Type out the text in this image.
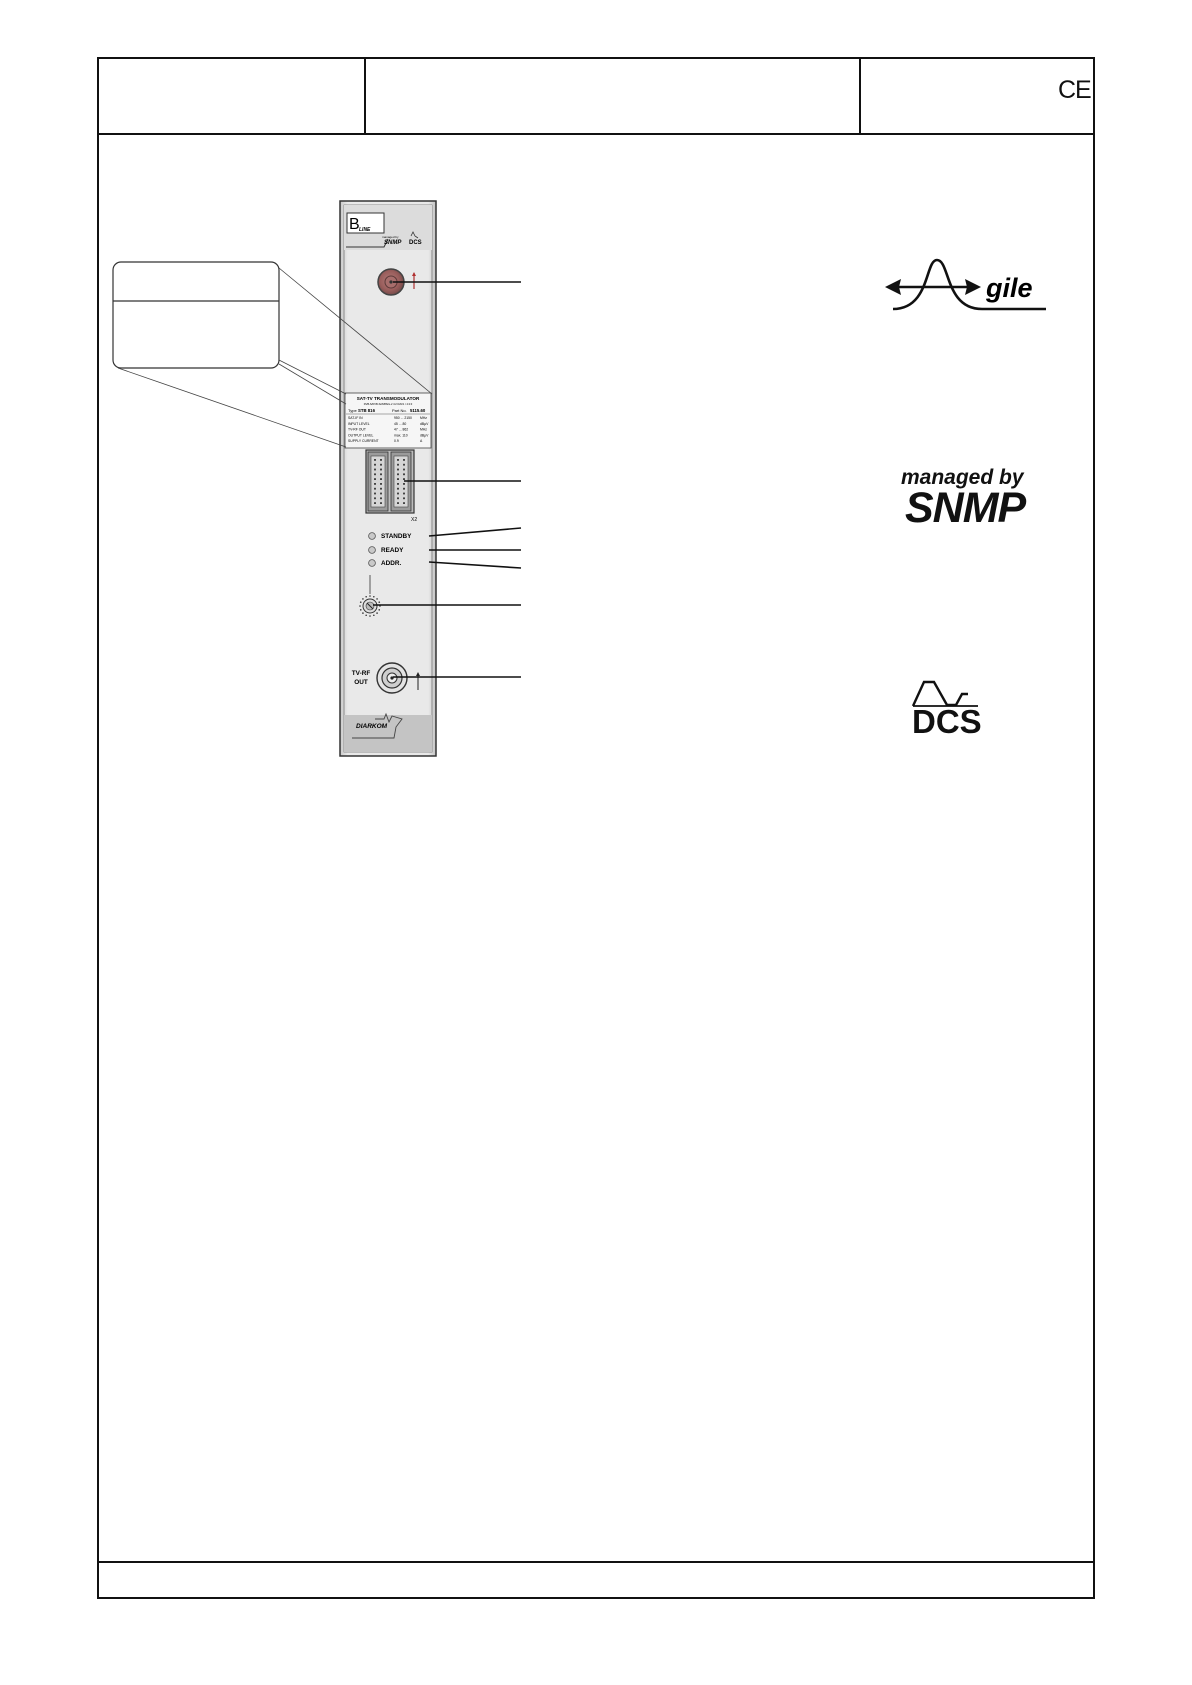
CE
B LINE
managed by
SNMP DCS
SAT-TV TRANSMODULATOR
DVB-S/DVB-S2/MPEG-2 4:2:0/AV1 / 4:2:0
Type STB 816	Part No. 5115.60
SAT-IF IN	950 ... 2150 MHz
INPUT LEVEL	45 ... 80	dBµV
TV-RF OUT	47 ... 862	MHz
OUTPUT LEVEL	max. 110	dBµV
SUPPLY CURRENT	0.9	A
X2
STANDBY
READY
ADDR.
TV-RF
OUT
DIARKOM
gile
managed by
SNMP
DCS
